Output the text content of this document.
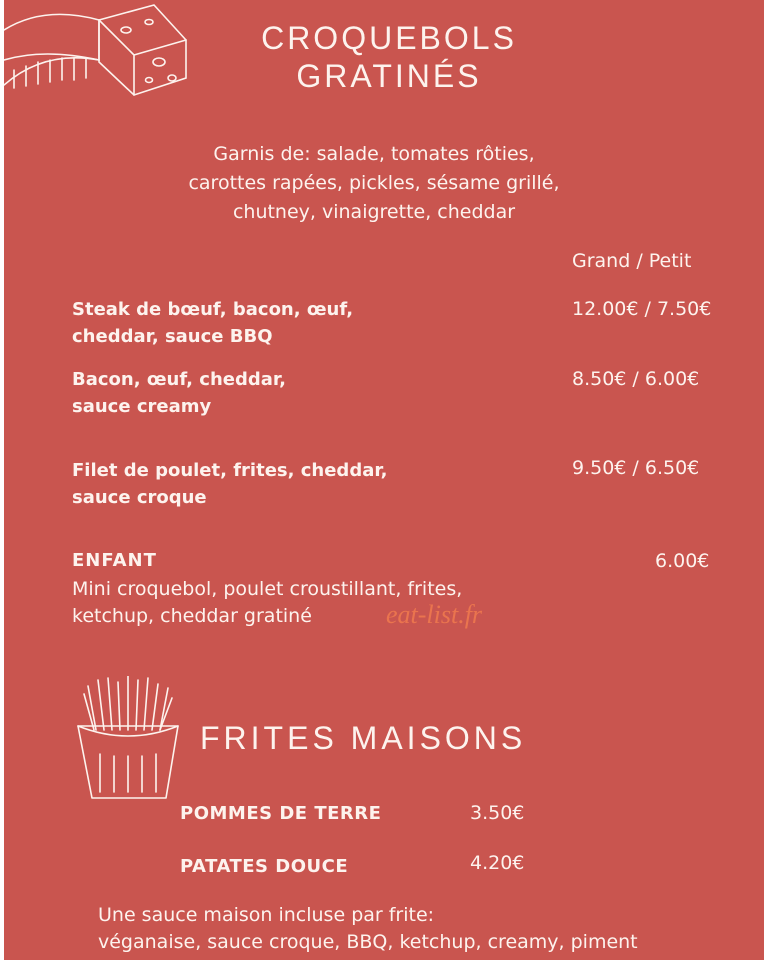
CROQUEBOLS
GRATINÉS
Garnis de: salade, tomates rôties,
carottes rapées, pickles, sésame grillé,
chutney, vinaigrette, cheddar
Grand / Petit
Steak de bœuf, bacon, œuf,
cheddar, sauce BBQ
12.00€ / 7.50€
Bacon, œuf, cheddar,
sauce creamy
8.50€ / 6.00€
Filet de poulet, frites, cheddar,
sauce croque
9.50€ / 6.50€
ENFANT	6.00€
Mini croquebol, poulet croustillant, frites,
ketchup, cheddar gratiné	eat-list.fr
FRITES MAISONS
POMMES DE TERRE	3.50€
PATATES DOUCE	4.20€
Une sauce maison incluse par frite:
véganaise, sauce croque, BBQ, ketchup, creamy, piment
